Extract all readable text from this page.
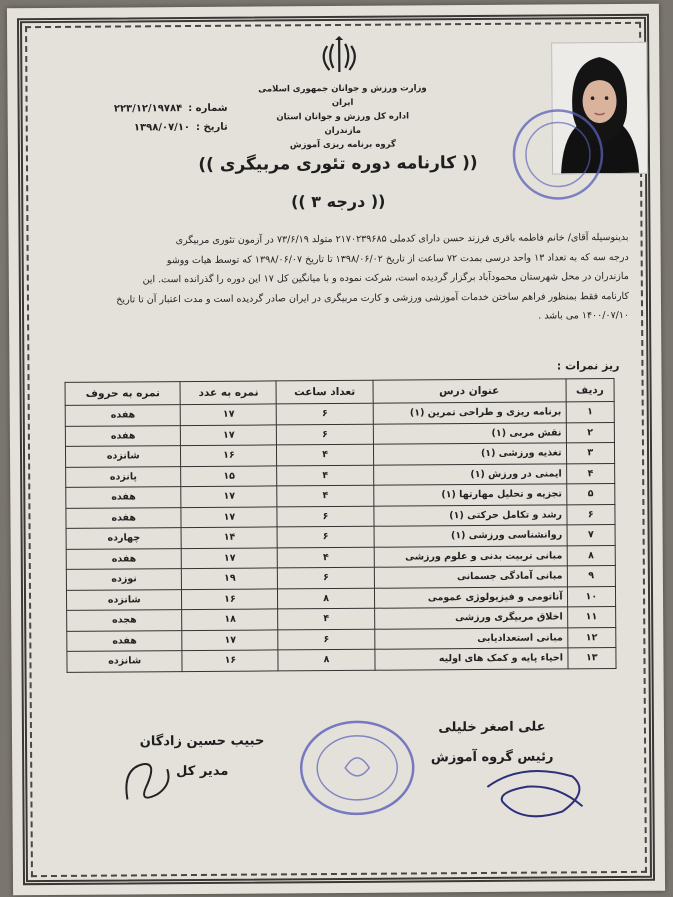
وزارت ورزش و جوانان جمهوری اسلامی ایران
اداره کل ورزش و جوانان استان مازندران
گروه برنامه ریزی آموزش
شماره :
۲۲۳/۱۲/۱۹۷۸۴
تاریخ :
۱۳۹۸/۰۷/۱۰
(( کارنامه دوره تئوری مربیگری ))
(( درجه ۳ ))
بدینوسیله آقای/ خانم فاطمه باقری فرزند حسن دارای کدملی ۲۱۷۰۲۳۹۶۸۵ متولد ۷۳/۶/۱۹ در آزمون تئوری مربیگری
درجه سه که به تعداد ۱۳ واحد درسی بمدت ۷۲ ساعت از تاریخ ۱۳۹۸/۰۶/۰۲ تا تاریخ ۱۳۹۸/۰۶/۰۷ که توسط هیات ووشو
مازندران در محل شهرستان محمودآباد برگزار گردیده است، شرکت نموده و با میانگین کل ۱۷ این دوره را گذرانده است. این
کارنامه فقط بمنظور فراهم ساختن خدمات آموزشی ورزشی و کارت مربیگری در ایران صادر گردیده است و مدت اعتبار آن تا تاریخ
۱۴۰۰/۰۷/۱۰ می باشد .
ریز نمرات :
ردیف	عنوان درس	تعداد ساعت	نمره به عدد	نمره به حروف
۱	برنامه ریزی و طراحی تمرین (۱)	۶	۱۷	هفده
۲	نقش مربی (۱)	۶	۱۷	هفده
۳	تغذیه ورزشی (۱)	۴	۱۶	شانزده
۴	ایمنی در ورزش (۱)	۴	۱۵	پانزده
۵	تجزیه و تحلیل مهارتها (۱)	۴	۱۷	هفده
۶	رشد و تکامل حرکتی (۱)	۶	۱۷	هفده
۷	روانشناسی ورزشی (۱)	۶	۱۴	چهارده
۸	مبانی تربیت بدنی و علوم ورزشی	۴	۱۷	هفده
۹	مبانی آمادگی جسمانی	۶	۱۹	نوزده
۱۰	آناتومی و فیزیولوژی عمومی	۸	۱۶	شانزده
۱۱	اخلاق مربیگری ورزشی	۴	۱۸	هجده
۱۲	مبانی استعدادیابی	۶	۱۷	هفده
۱۳	احیاء پایه و کمک های اولیه	۸	۱۶	شانزده
علی اصغر خلیلی
رئیس گروه آموزش
حبیب حسین زادگان
مدیر کل
